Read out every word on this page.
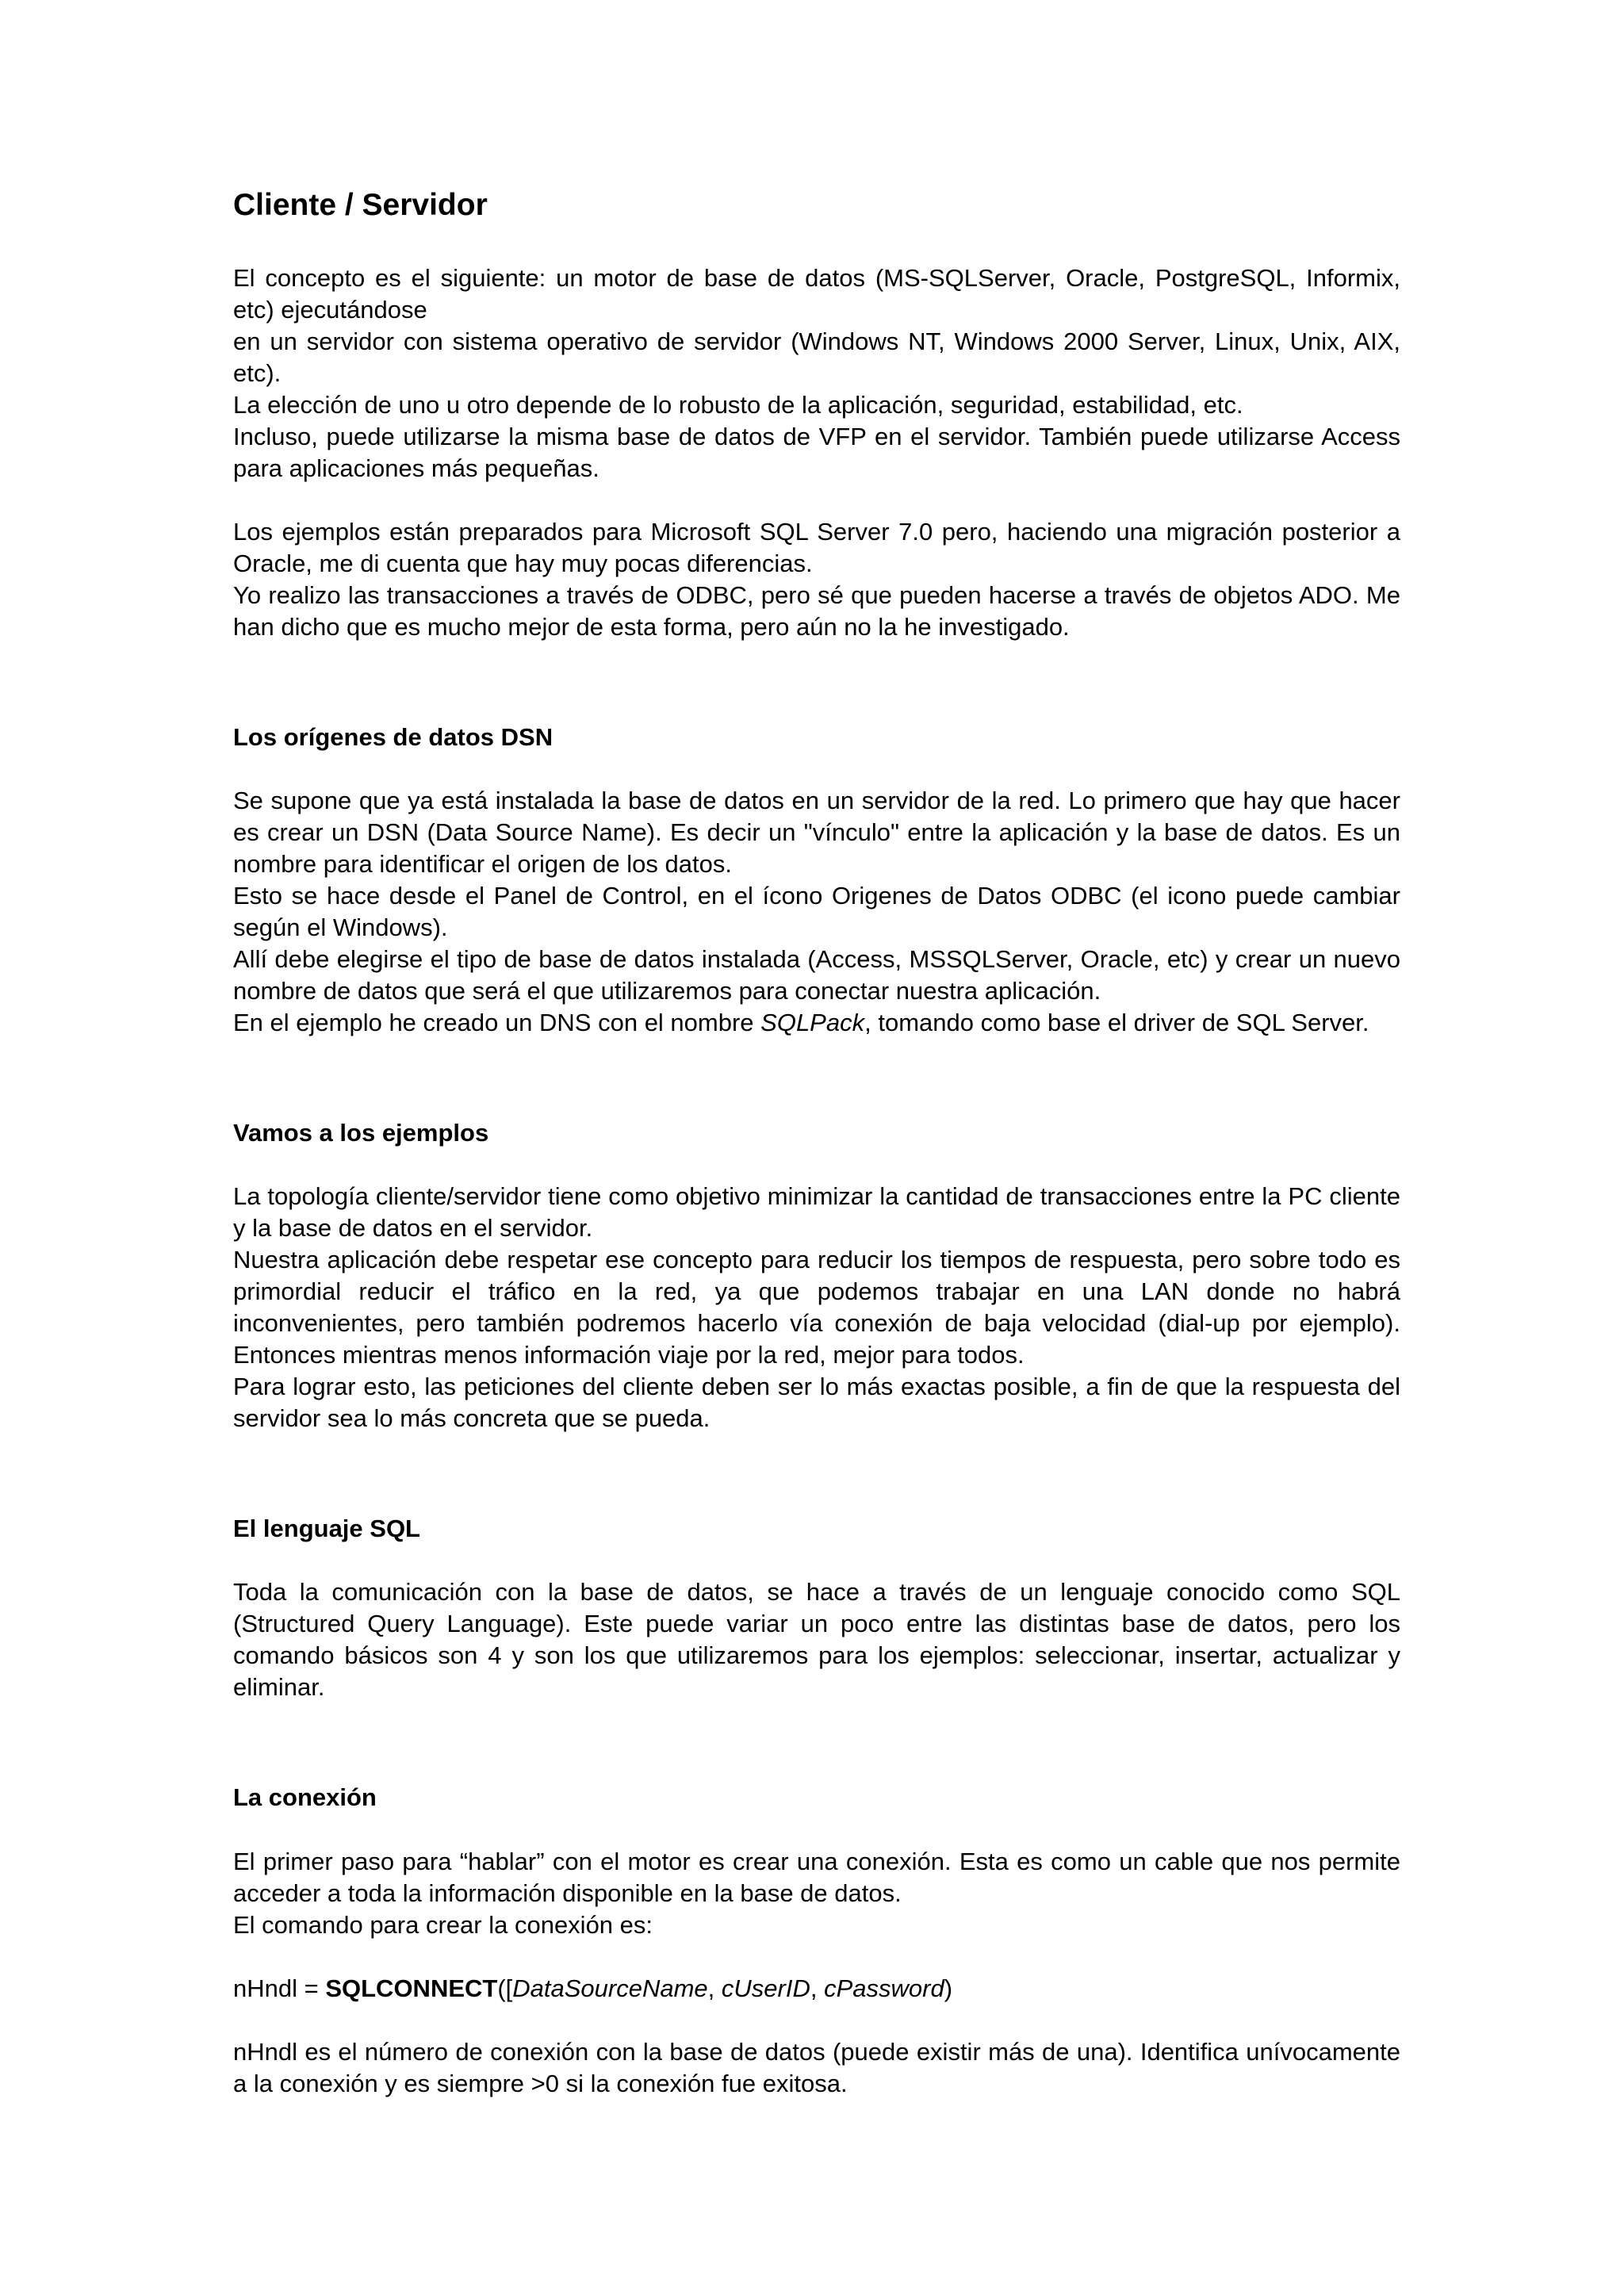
Cliente / Servidor

El concepto es el siguiente: un motor de base de datos (MS-SQLServer, Oracle, PostgreSQL, Informix, etc) ejecutándose

en un servidor con sistema operativo de servidor (Windows NT, Windows 2000 Server, Linux, Unix, AIX, etc).

La elección de uno u otro depende de lo robusto de la aplicación, seguridad, estabilidad, etc.

Incluso, puede utilizarse la misma base de datos de VFP en el servidor. También puede utilizarse Access para aplicaciones más pequeñas.

Los ejemplos están preparados para Microsoft SQL Server 7.0 pero, haciendo una migración posterior a Oracle, me di cuenta que hay muy pocas diferencias.

Yo realizo las transacciones a través de ODBC, pero sé que pueden hacerse a través de objetos ADO. Me han dicho que es mucho mejor de esta forma, pero aún no la he investigado.

Los orígenes de datos DSN

Se supone que ya está instalada la base de datos en un servidor de la red. Lo primero que hay que hacer es crear un DSN (Data Source Name). Es decir un "vínculo" entre la aplicación y la base de datos. Es un nombre para identificar el origen de los datos.

Esto se hace desde el Panel de Control, en el ícono Origenes de Datos ODBC (el icono puede cambiar según el Windows).

Allí debe elegirse el tipo de base de datos instalada (Access, MSSQLServer, Oracle, etc) y crear un nuevo nombre de datos que será el que utilizaremos para conectar nuestra aplicación.

En el ejemplo he creado un DNS con el nombre SQLPack, tomando como base el driver de SQL Server.

Vamos a los ejemplos

La topología cliente/servidor tiene como objetivo minimizar la cantidad de transacciones entre la PC cliente y la base de datos en el servidor.

Nuestra aplicación debe respetar ese concepto para reducir los tiempos de respuesta, pero sobre todo es primordial reducir el tráfico en la red, ya que podemos trabajar en una LAN donde no habrá inconvenientes, pero también podremos hacerlo vía conexión de baja velocidad (dial-up por ejemplo). Entonces mientras menos información viaje por la red, mejor para todos.

Para lograr esto, las peticiones del cliente deben ser lo más exactas posible, a fin de que la respuesta del servidor sea lo más concreta que se pueda.

El lenguaje SQL

Toda la comunicación con la base de datos, se hace a través de un lenguaje conocido como SQL (Structured Query Language). Este puede variar un poco entre las distintas base de datos, pero los comando básicos son 4 y son los que utilizaremos para los ejemplos: seleccionar, insertar, actualizar y eliminar.

La conexión

El primer paso para “hablar” con el motor es crear una conexión. Esta es como un cable que nos permite acceder a toda la información disponible en la base de datos.

El comando para crear la conexión es:

nHndl = SQLCONNECT([DataSourceName, cUserID, cPassword)

nHndl es el número de conexión con la base de datos (puede existir más de una). Identifica unívocamente a la conexión y es siempre >0 si la conexión fue exitosa.
